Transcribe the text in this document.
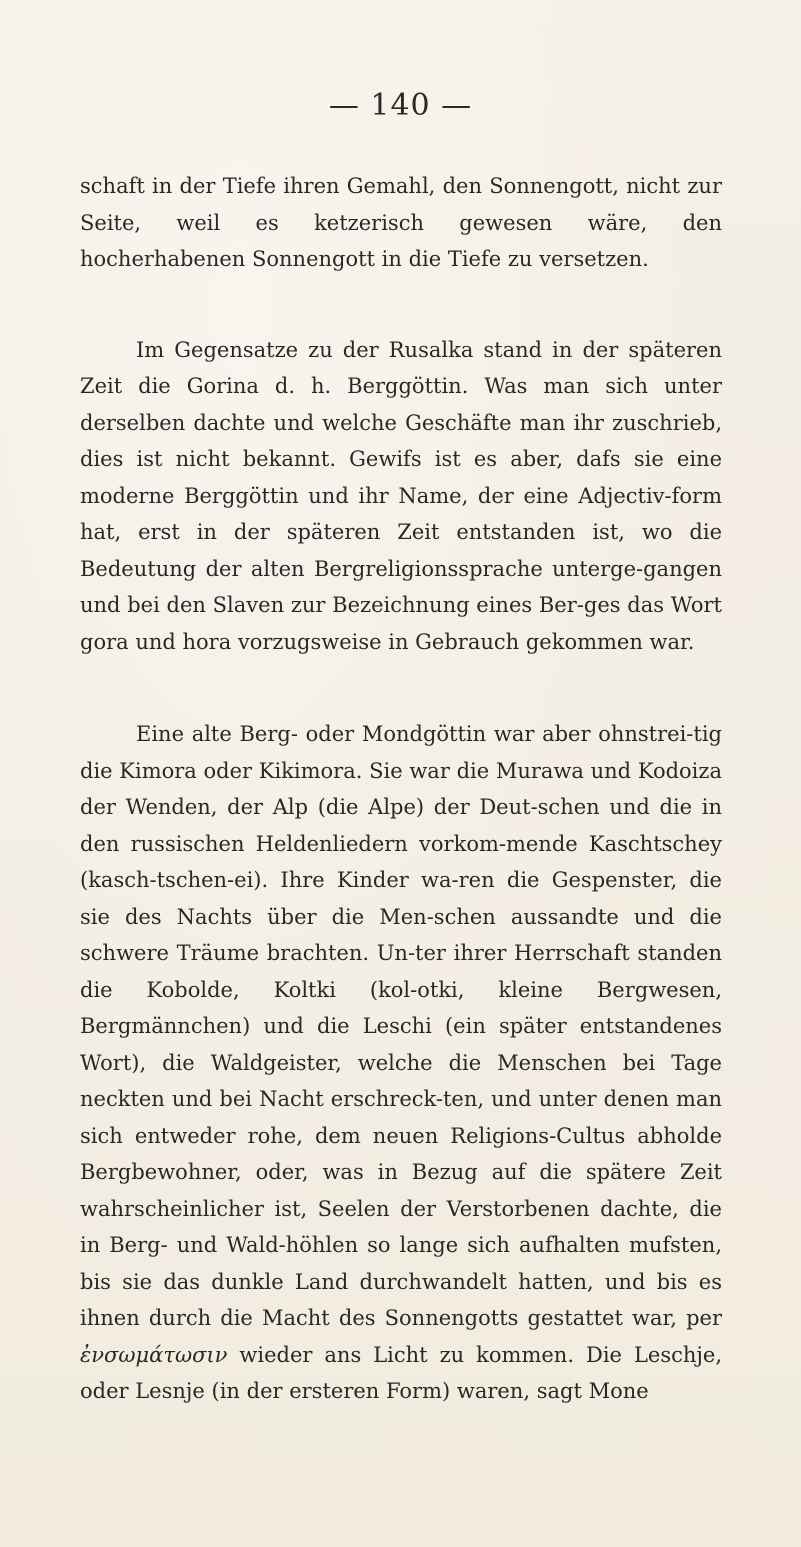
— 140 —

schaft in der Tiefe ihren Gemahl, den Sonnengott, nicht zur Seite, weil es ketzerisch gewesen wäre, den hocherhabenen Sonnengott in die Tiefe zu versetzen.

Im Gegensatze zu der Rusalka stand in der späteren Zeit die Gorina d. h. Berggöttin. Was man sich unter derselben dachte und welche Geschäfte man ihr zuschrieb, dies ist nicht bekannt. Gewifs ist es aber, dafs sie eine moderne Berggöttin und ihr Name, der eine Adjectiv-form hat, erst in der späteren Zeit entstanden ist, wo die Bedeutung der alten Bergreligionssprache unterge-gangen und bei den Slaven zur Bezeichnung eines Ber-ges das Wort gora und hora vorzugsweise in Gebrauch gekommen war.

Eine alte Berg- oder Mondgöttin war aber ohnstrei-tig die Kimora oder Kikimora. Sie war die Murawa und Kodoiza der Wenden, der Alp (die Alpe) der Deut-schen und die in den russischen Heldenliedern vorkom-mende Kaschtschey (kasch-tschen-ei). Ihre Kinder wa-ren die Gespenster, die sie des Nachts über die Men-schen aussandte und die schwere Träume brachten. Un-ter ihrer Herrschaft standen die Kobolde, Koltki (kol-otki, kleine Bergwesen, Bergmännchen) und die Leschi (ein später entstandenes Wort), die Waldgeister, welche die Menschen bei Tage neckten und bei Nacht erschreck-ten, und unter denen man sich entweder rohe, dem neuen Religions-Cultus abholde Bergbewohner, oder, was in Bezug auf die spätere Zeit wahrscheinlicher ist, Seelen der Verstorbenen dachte, die in Berg- und Wald-höhlen so lange sich aufhalten mufsten, bis sie das dunkle Land durchwandelt hatten, und bis es ihnen durch die Macht des Sonnengotts gestattet war, per ἐνσωμάτωσιν wieder ans Licht zu kommen. Die Leschje, oder Lesnje (in der ersteren Form) waren, sagt Mone
